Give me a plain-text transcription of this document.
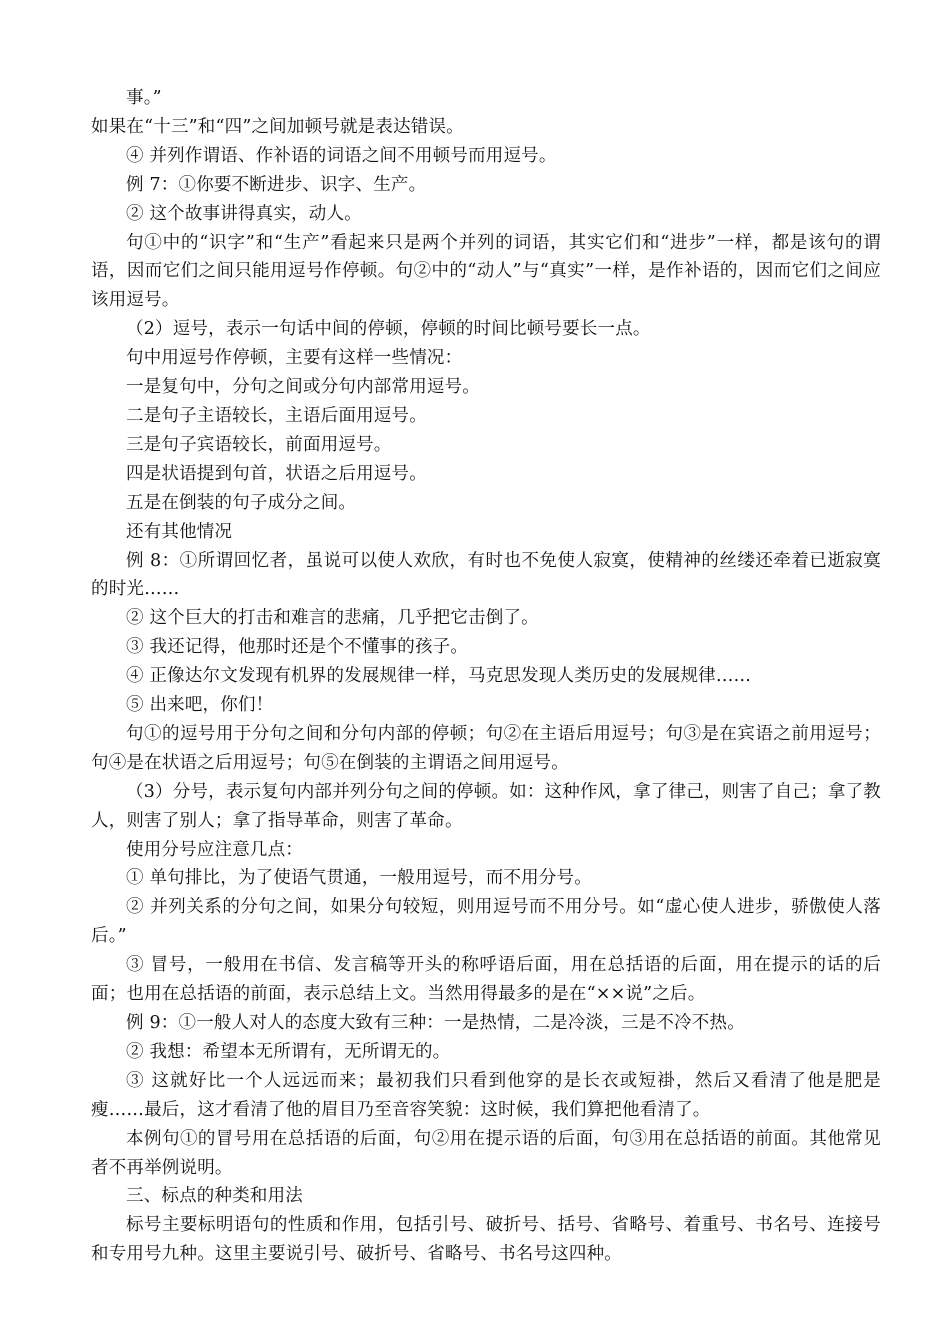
事。”

如果在“十三”和“四”之间加顿号就是表达错误。

④ 并列作谓语、作补语的词语之间不用顿号而用逗号。

例 7：①你要不断进步、识字、生产。

② 这个故事讲得真实，动人。

句①中的“识字”和“生产”看起来只是两个并列的词语，其实它们和“进步”一样，都是该句的谓语，因而它们之间只能用逗号作停顿。句②中的“动人”与“真实”一样，是作补语的，因而它们之间应该用逗号。

（2）逗号，表示一句话中间的停顿，停顿的时间比顿号要长一点。

句中用逗号作停顿，主要有这样一些情况：

一是复句中，分句之间或分句内部常用逗号。

二是句子主语较长，主语后面用逗号。

三是句子宾语较长，前面用逗号。

四是状语提到句首，状语之后用逗号。

五是在倒装的句子成分之间。

还有其他情况

例 8：①所谓回忆者，虽说可以使人欢欣，有时也不免使人寂寞，使精神的丝缕还牵着已逝寂寞的时光……

② 这个巨大的打击和难言的悲痛，几乎把它击倒了。

③ 我还记得，他那时还是个不懂事的孩子。

④ 正像达尔文发现有机界的发展规律一样，马克思发现人类历史的发展规律……

⑤ 出来吧，你们！

句①的逗号用于分句之间和分句内部的停顿；句②在主语后用逗号；句③是在宾语之前用逗号；句④是在状语之后用逗号；句⑤在倒装的主谓语之间用逗号。

（3）分号，表示复句内部并列分句之间的停顿。如：这种作风，拿了律己，则害了自己；拿了教人，则害了别人；拿了指导革命，则害了革命。

使用分号应注意几点：

① 单句排比，为了使语气贯通，一般用逗号，而不用分号。

② 并列关系的分句之间，如果分句较短，则用逗号而不用分号。如“虚心使人进步，骄傲使人落后。”

③ 冒号，一般用在书信、发言稿等开头的称呼语后面，用在总括语的后面，用在提示的话的后面；也用在总括语的前面，表示总结上文。当然用得最多的是在“××说”之后。

例 9：①一般人对人的态度大致有三种：一是热情，二是冷淡，三是不冷不热。

② 我想：希望本无所谓有，无所谓无的。

③ 这就好比一个人远远而来；最初我们只看到他穿的是长衣或短褂，然后又看清了他是肥是瘦……最后，这才看清了他的眉目乃至音容笑貌：这时候，我们算把他看清了。

本例句①的冒号用在总括语的后面，句②用在提示语的后面，句③用在总括语的前面。其他常见者不再举例说明。

三、标点的种类和用法

标号主要标明语句的性质和作用，包括引号、破折号、括号、省略号、着重号、书名号、连接号和专用号九种。这里主要说引号、破折号、省略号、书名号这四种。
